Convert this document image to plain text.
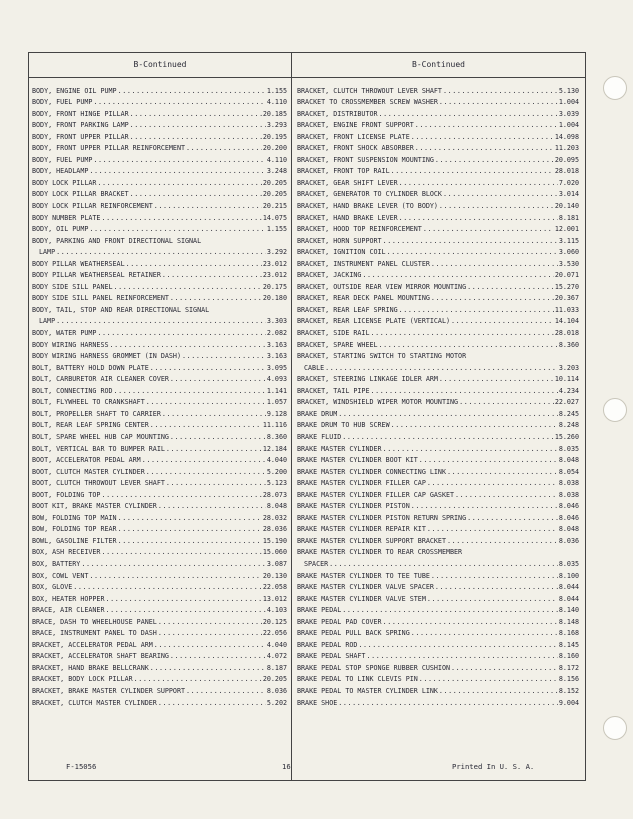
B-Continued	B-Continued
BODY, ENGINE OIL PUMP .....	1.155
BODY, FUEL PUMP .....	4.110
BODY, FRONT HINGE PILLAR .....	20.185
BODY, FRONT PARKING LAMP .....	3.293
BODY, FRONT UPPER PILLAR .....	20.195
BODY, FRONT UPPER PILLAR REINFORCEMENT .....	20.200
BODY, FUEL PUMP .....	4.110
BODY, HEADLAMP .....	3.248
BODY LOCK PILLAR .....	20.205
BODY LOCK PILLAR BRACKET .....	20.205
BODY LOCK PILLAR REINFORCEMENT .....	20.215
BODY NUMBER PLATE .....	14.075
BODY, OIL PUMP .....	1.155
BODY, PARKING AND FRONT DIRECTIONAL SIGNAL
LAMP .....	3.292
BODY PILLAR WEATHERSEAL .....	23.012
BODY PILLAR WEATHERSEAL RETAINER .....	23.012
BODY SIDE SILL PANEL .....	20.175
BODY SIDE SILL PANEL REINFORCEMENT .....	20.180
BODY, TAIL, STOP AND REAR DIRECTIONAL SIGNAL
LAMP .....	3.303
BODY, WATER PUMP .....	2.082
BODY WIRING HARNESS .....	3.163
BODY WIRING HARNESS GROMMET (IN DASH) .....	3.163
BOLT, BATTERY HOLD DOWN PLATE .....	3.095
BOLT, CARBURETOR AIR CLEANER COVER .....	4.093
BOLT, CONNECTING ROD .....	1.141
BOLT, FLYWHEEL TO CRANKSHAFT .....	1.057
BOLT, PROPELLER SHAFT TO CARRIER .....	9.128
BOLT, REAR LEAF SPRING CENTER .....	11.116
BOLT, SPARE WHEEL HUB CAP MOUNTING .....	8.360
BOLT, VERTICAL BAR TO BUMPER RAIL .....	12.184
BOOT, ACCELERATOR PEDAL ARM .....	4.040
BOOT, CLUTCH MASTER CYLINDER .....	5.200
BOOT, CLUTCH THROWOUT LEVER SHAFT .....	5.123
BOOT, FOLDING TOP .....	28.073
BOOT KIT, BRAKE MASTER CYLINDER .....	8.048
BOW, FOLDING TOP MAIN .....	28.032
BOW, FOLDING TOP REAR .....	28.036
BOWL, GASOLINE FILTER .....	15.190
BOX, ASH RECEIVER .....	15.060
BOX, BATTERY .....	3.087
BOX, COWL VENT .....	20.130
BOX, GLOVE .....	22.058
BOX, HEATER HOPPER .....	13.012
BRACE, AIR CLEANER .....	4.103
BRACE, DASH TO WHEELHOUSE PANEL .....	20.125
BRACE, INSTRUMENT PANEL TO DASH .....	22.056
BRACKET, ACCELERATOR PEDAL ARM .....	4.040
BRACKET, ACCELERATOR SHAFT BEARING .....	4.072
BRACKET, HAND BRAKE BELLCRANK .....	8.187
BRACKET, BODY LOCK PILLAR .....	20.205
BRACKET, BRAKE MASTER CYLINDER SUPPORT .....	8.036
BRACKET, CLUTCH MASTER CYLINDER .....	5.202
BRACKET, CLUTCH THROWOUT LEVER SHAFT .....	5.130
BRACKET TO CROSSMEMBER SCREW WASHER .....	1.004
BRACKET, DISTRIBUTOR .....	3.039
BRACKET, ENGINE FRONT SUPPORT .....	1.004
BRACKET, FRONT LICENSE PLATE .....	14.098
BRACKET, FRONT SHOCK ABSORBER .....	11.203
BRACKET, FRONT SUSPENSION MOUNTING .....	20.095
BRACKET, FRONT TOP RAIL .....	28.018
BRACKET, GEAR SHIFT LEVER .....	7.020
BRACKET, GENERATOR TO CYLINDER BLOCK .....	3.014
BRACKET, HAND BRAKE LEVER (TO BODY) .....	20.140
BRACKET, HAND BRAKE LEVER .....	8.181
BRACKET, HOOD TOP REINFORCEMENT .....	12.001
BRACKET, HORN SUPPORT .....	3.115
BRACKET, IGNITION COIL .....	3.060
BRACKET, INSTRUMENT PANEL CLUSTER .....	3.530
BRACKET, JACKING .....	20.071
BRACKET, OUTSIDE REAR VIEW MIRROR MOUNTING .....	15.270
BRACKET, REAR DECK PANEL MOUNTING .....	20.367
BRACKET, REAR LEAF SPRING .....	11.033
BRACKET, REAR LICENSE PLATE (VERTICAL) .....	14.104
BRACKET, SIDE RAIL .....	28.018
BRACKET, SPARE WHEEL .....	8.360
BRACKET, STARTING SWITCH TO STARTING MOTOR
CABLE .....	3.203
BRACKET, STEERING LINKAGE IDLER ARM .....	10.114
BRACKET, TAIL PIPE .....	4.234
BRACKET, WINDSHIELD WIPER MOTOR MOUNTING .....	22.027
BRAKE DRUM .....	8.245
BRAKE DRUM TO HUB SCREW .....	8.248
BRAKE FLUID .....	15.260
BRAKE MASTER CYLINDER .....	8.035
BRAKE MASTER CYLINDER BOOT KIT .....	8.048
BRAKE MASTER CYLINDER CONNECTING LINK .....	8.054
BRAKE MASTER CYLINDER FILLER CAP .....	8.038
BRAKE MASTER CYLINDER FILLER CAP GASKET .....	8.038
BRAKE MASTER CYLINDER PISTON .....	8.046
BRAKE MASTER CYLINDER PISTON RETURN SPRING .....	8.046
BRAKE MASTER CYLINDER REPAIR KIT .....	8.048
BRAKE MASTER CYLINDER SUPPORT BRACKET .....	8.036
BRAKE MASTER CYLINDER TO REAR CROSSMEMBER
SPACER .....	8.035
BRAKE MASTER CYLINDER TO TEE TUBE .....	8.100
BRAKE MASTER CYLINDER VALVE SPACER .....	8.044
BRAKE MASTER CYLINDER VALVE STEM .....	8.044
BRAKE PEDAL .....	8.140
BRAKE PEDAL PAD COVER .....	8.148
BRAKE PEDAL PULL BACK SPRING .....	8.168
BRAKE PEDAL ROD .....	8.145
BRAKE PEDAL SHAFT .....	8.160
BRAKE PEDAL STOP SPONGE RUBBER CUSHION .....	8.172
BRAKE PEDAL TO LINK CLEVIS PIN .....	8.156
BRAKE PEDAL TO MASTER CYLINDER LINK .....	8.152
BRAKE SHOE .....	9.004
F-15056	16	Printed In U. S. A.
